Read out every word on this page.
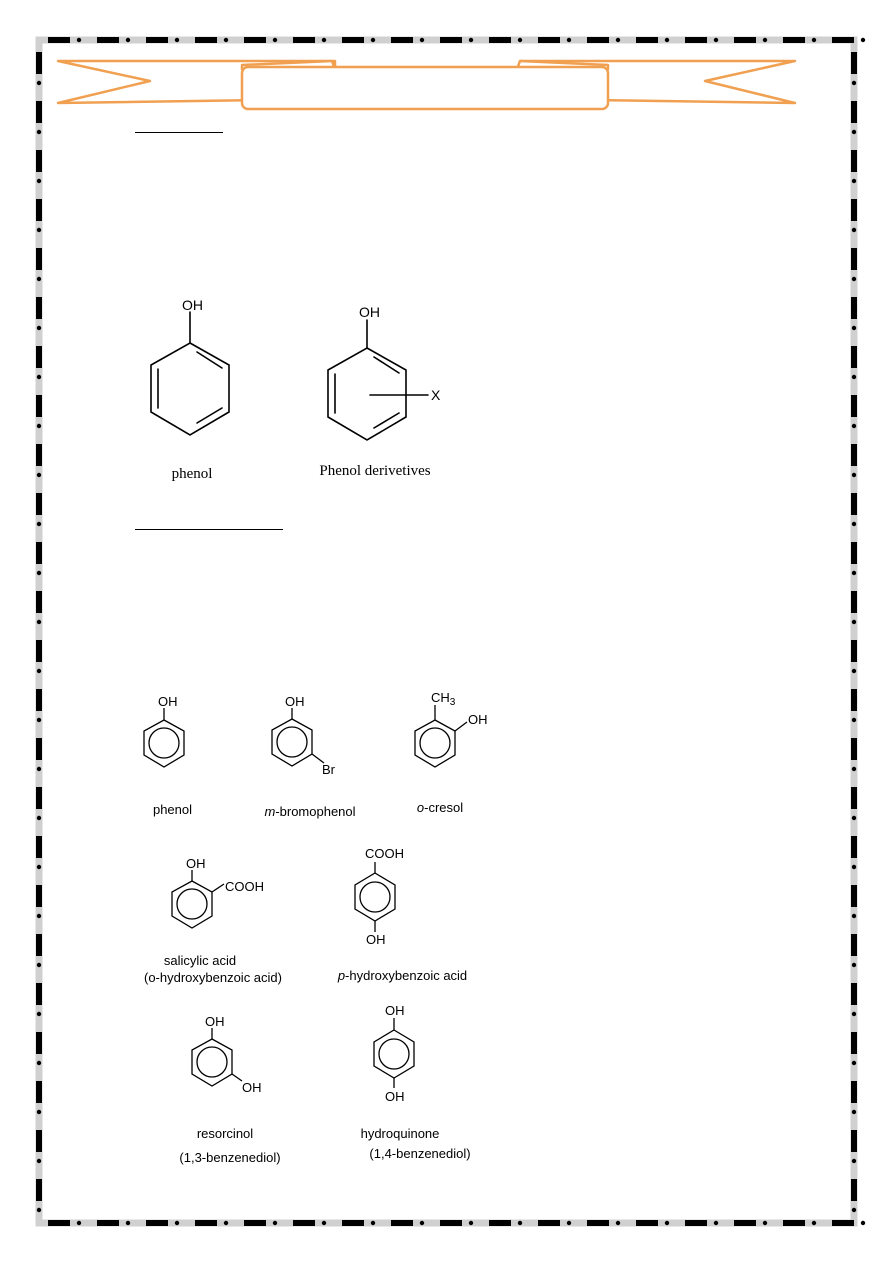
OH
phenol
OH
X
Phenol derivetives
OH
phenol
OH
Br
m-bromophenol
$CH_3$
OH
o-cresol
OH
COOH
salicylic acid
(o-hydroxybenzoic acid)
COOH
OH
p-hydroxybenzoic acid
OH
OH
resorcinol
(1,3-benzenediol)
OH
OH
hydroquinone
(1,4-benzenediol)
